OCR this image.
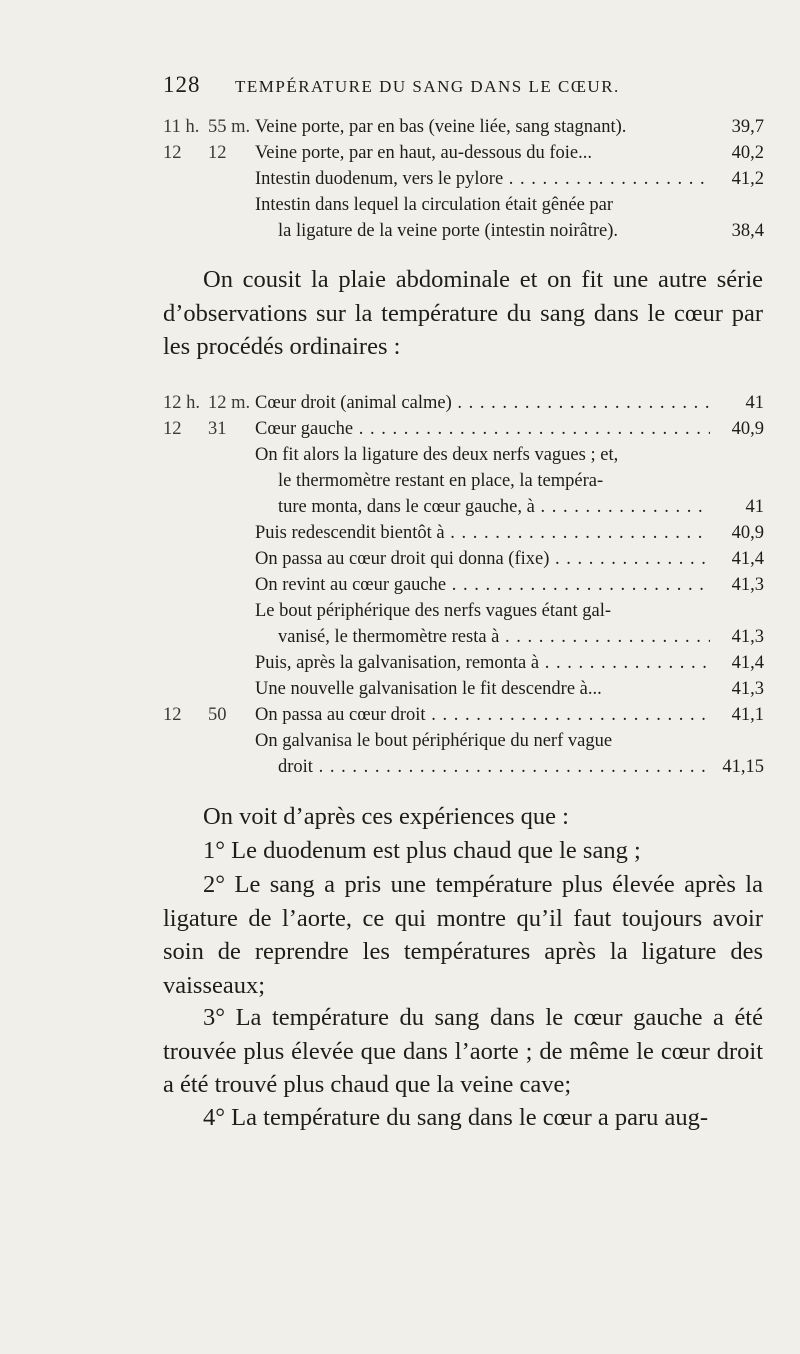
128 TEMPÉRATURE DU SANG DANS LE CŒUR.
11 h. 55 m. Veine porte, par en bas (veine liée, sang stagnant).	39,7
12 12 Veine porte, par en haut, au-dessous du foie...	40,2
Intestin duodenum, vers le pylore . . .	41,2
Intestin dans lequel la circulation était gênée par
la ligature de la veine porte (intestin noirâtre).	38,4
On cousit la plaie abdominale et on fit une autre série d’observations sur la température du sang dans le cœur par les procédés ordinaires :
12 h. 12 m. Cœur droit (animal calme) . . .	41
12 31 Cœur gauche . . .	40,9
On fit alors la ligature des deux nerfs vagues ; et,
le thermomètre restant en place, la tempéra-
ture monta, dans le cœur gauche, à . . .	41
Puis redescendit bientôt à . . .	40,9
On passa au cœur droit qui donna (fixe) . . .	41,4
On revint au cœur gauche . . .	41,3
Le bout périphérique des nerfs vagues étant gal-
vanisé, le thermomètre resta à . . .	41,3
Puis, après la galvanisation, remonta à . . .	41,4
Une nouvelle galvanisation le fit descendre à...	41,3
12 50 On passa au cœur droit . . .	41,1
On galvanisa le bout périphérique du nerf vague
droit . . .	41,15
On voit d’après ces expériences que :
1° Le duodenum est plus chaud que le sang ;
2° Le sang a pris une température plus élevée après la ligature de l’aorte, ce qui montre qu’il faut toujours avoir soin de reprendre les températures après la ligature des vaisseaux;
3° La température du sang dans le cœur gauche a été trouvée plus élevée que dans l’aorte ; de même le cœur droit a été trouvé plus chaud que la veine cave;
4° La température du sang dans le cœur a paru aug-
